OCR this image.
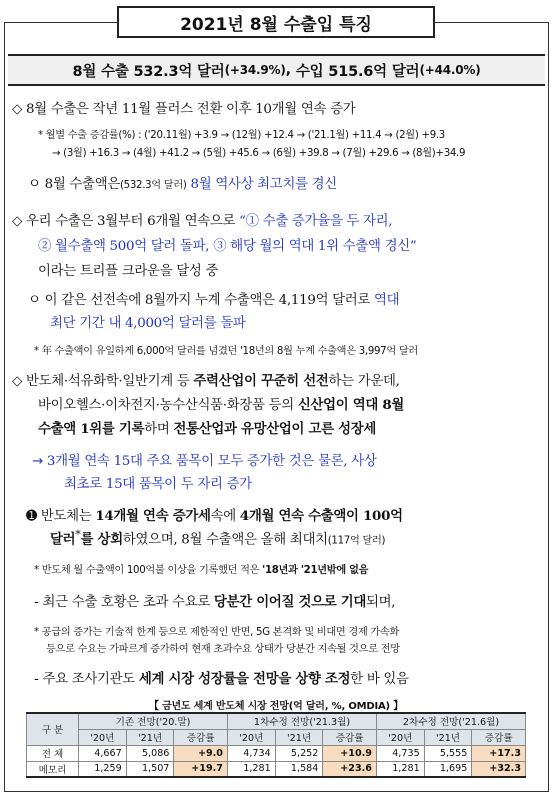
2021년 8월 수출입 특징
8월 수출 532.3억 달러 (+34.9%) , 수입 515.6억 달러 (+44.0%)
◇ 8월 수출은 작년 11월 플러스 전환 이후 10개월 연속 증가
* 월별 수출 증감률(%) : ('20.11월) +3.9 → (12월) +12.4 → ('21.1월) +11.4 → (2월) +9.3
→ (3월) +16.3 → (4월) +41.2 → (5월) +45.6 → (6월) +39.8 → (7월) +29.6 → (8월)+34.9
ㅇ 8월 수출액은(532.3억 달러) 8월 역사상 최고치를 경신
◇ 우리 수출은 3월부터 6개월 연속으로 “① 수출 증가율을 두 자리,
② 월수출액 500억 달러 돌파, ③ 해당 월의 역대 1위 수출액 경신”
이라는 트리플 크라운을 달성 중
ㅇ 이 같은 선전속에 8월까지 누계 수출액은 4,119억 달러로 역대
최단 기간 내 4,000억 달러를 돌파
* 年 수출액이 유일하게 6,000억 달러를 넘겼던 '18년의 8월 누계 수출액은 3,997억 달러
◇ 반도체·석유화학·일반기계 등 주력산업이 꾸준히 선전하는 가운데,
바이오헬스·이차전지·농수산식품·화장품 등의 신산업이 역대 8월
수출액 1위를 기록하며 전통산업과 유망산업이 고른 성장세
→ 3개월 연속 15대 주요 품목이 모두 증가한 것은 물론, 사상
최초로 15대 품목이 두 자리 증가
➊ 반도체는 14개월 연속 증가세속에 4개월 연속 수출액이 100억
달러*를 상회하였으며, 8월 수출액은 올해 최대치(117억 달러)
* 반도체 월 수출액이 100억불 이상을 기록했던 적은 '18년과 '21년밖에 없음
- 최근 수출 호황은 초과 수요로 당분간 이어질 것으로 기대되며,
* 공급의 증가는 기술적 한계 등으로 제한적인 반면, 5G 본격화 및 비대면 경제 가속화
등으로 수요는 가파르게 증가하여 현재 초과수요 상태가 당분간 지속될 것으로 전망
- 주요 조사기관도 세계 시장 성장률을 전망을 상향 조정한 바 있음
【 금년도 세계 반도체 시장 전망(억 달러, %, OMDIA) 】
구 분	기존 전망('20.말)			1차수정 전망('21.3월)			2차수정 전망('21.6월)		
	'20년	'21년	증감률	'20년	'21년	증감률	'20년	'21년	증감률
전 체	4,667	5,086	+9.0	4,734	5,252	+10.9	4,735	5,555	+17.3
메모리	1,259	1,507	+19.7	1,281	1,584	+23.6	1,281	1,695	+32.3
